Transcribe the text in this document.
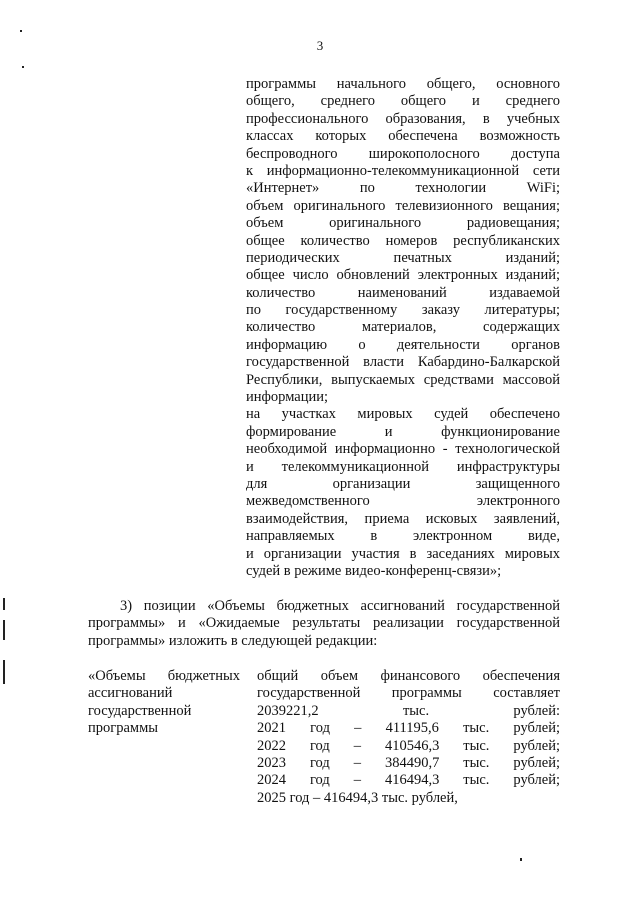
3
программы начального общего, основного
общего, среднего общего и среднего
профессионального образования, в учебных
классах которых обеспечена возможность
беспроводного широкополосного доступа
к информационно-телекоммуникационной сети
«Интернет» по технологии WiFi;
объем оригинального телевизионного вещания;
объем оригинального радиовещания;
общее количество номеров республиканских
периодических печатных изданий;
общее число обновлений электронных изданий;
количество наименований издаваемой
по государственному заказу литературы;
количество материалов, содержащих
информацию о деятельности органов
государственной власти Кабардино-Балкарской
Республики, выпускаемых средствами массовой
информации;
на участках мировых судей обеспечено
формирование и функционирование
необходимой информационно - технологической
и телекоммуникационной инфраструктуры
для организации защищенного
межведомственного электронного
взаимодействия, приема исковых заявлений,
направляемых в электронном виде,
и организации участия в заседаниях мировых
судей в режиме видео-конференц-связи»;
3) позиции «Объемы бюджетных ассигнований государственной
программы» и «Ожидаемые результаты реализации государственной
программы» изложить в следующей редакции:
«Объемы бюджетных
ассигнований
государственной
программы
общий объем финансового обеспечения
государственной программы составляет
2039221,2 тыс. рублей:
2021 год – 411195,6 тыс. рублей;
2022 год – 410546,3 тыс. рублей;
2023 год – 384490,7 тыс. рублей;
2024 год – 416494,3 тыс. рублей;
2025 год – 416494,3 тыс. рублей,
